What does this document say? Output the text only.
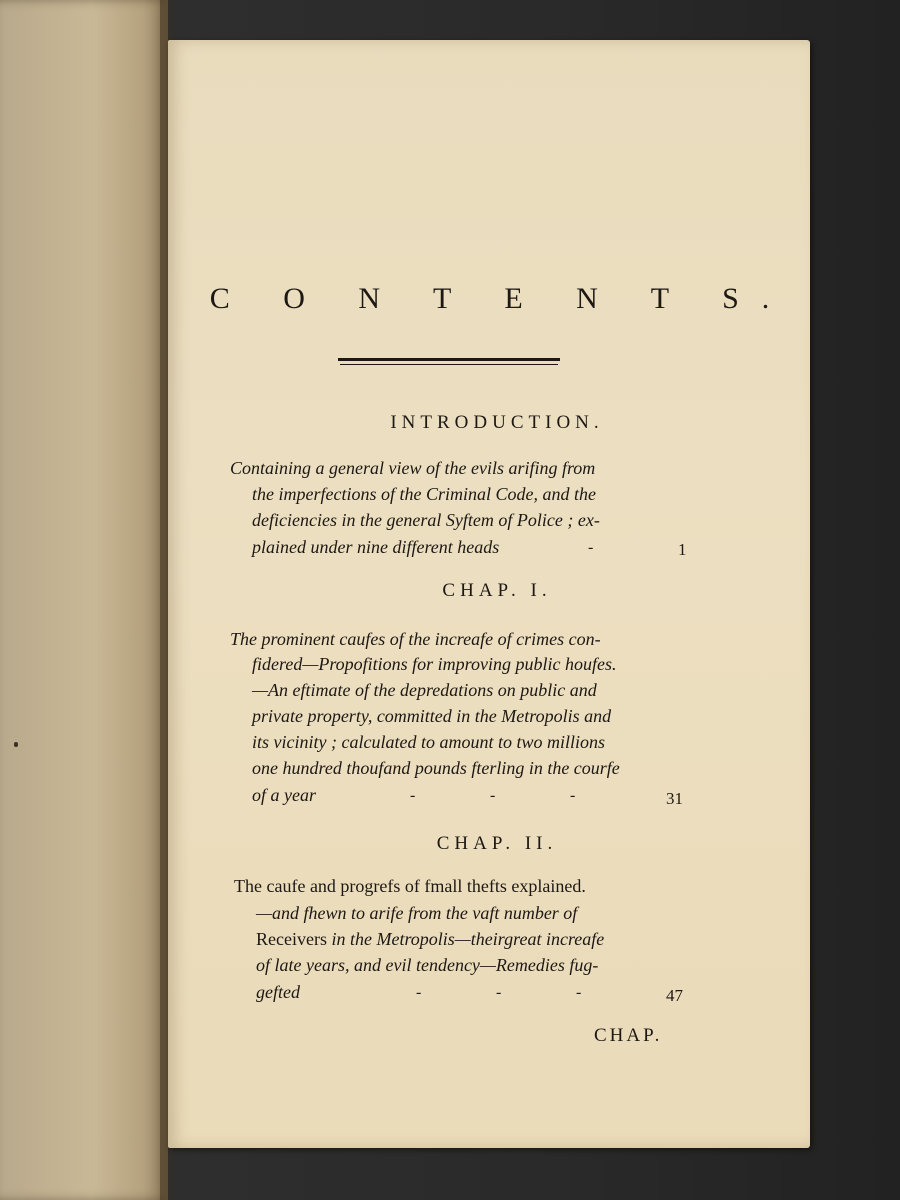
C O N T E N T S.
INTRODUCTION.
Containing a general view of the evils arifing from
the imperfections of the Criminal Code, and the
deficiencies in the general Syftem of Police ; ex-
plained under nine different heads	-	1
CHAP. I.
The prominent caufes of the increafe of crimes con-
fidered—Propofitions for improving public houfes.
—An eftimate of the depredations on public and
private property, committed in the Metropolis and
its vicinity ; calculated to amount to two millions
one hundred thoufand pounds fterling in the courfe
of a year	-	-	-	31
CHAP. II.
The caufe and progrefs of fmall thefts explained.
—and fhewn to arife from the vaft number of
Receivers in the Metropolis—theirgreat increafe
of late years, and evil tendency—Remedies fug-
gefted	-	-	-	47
CHAP.
